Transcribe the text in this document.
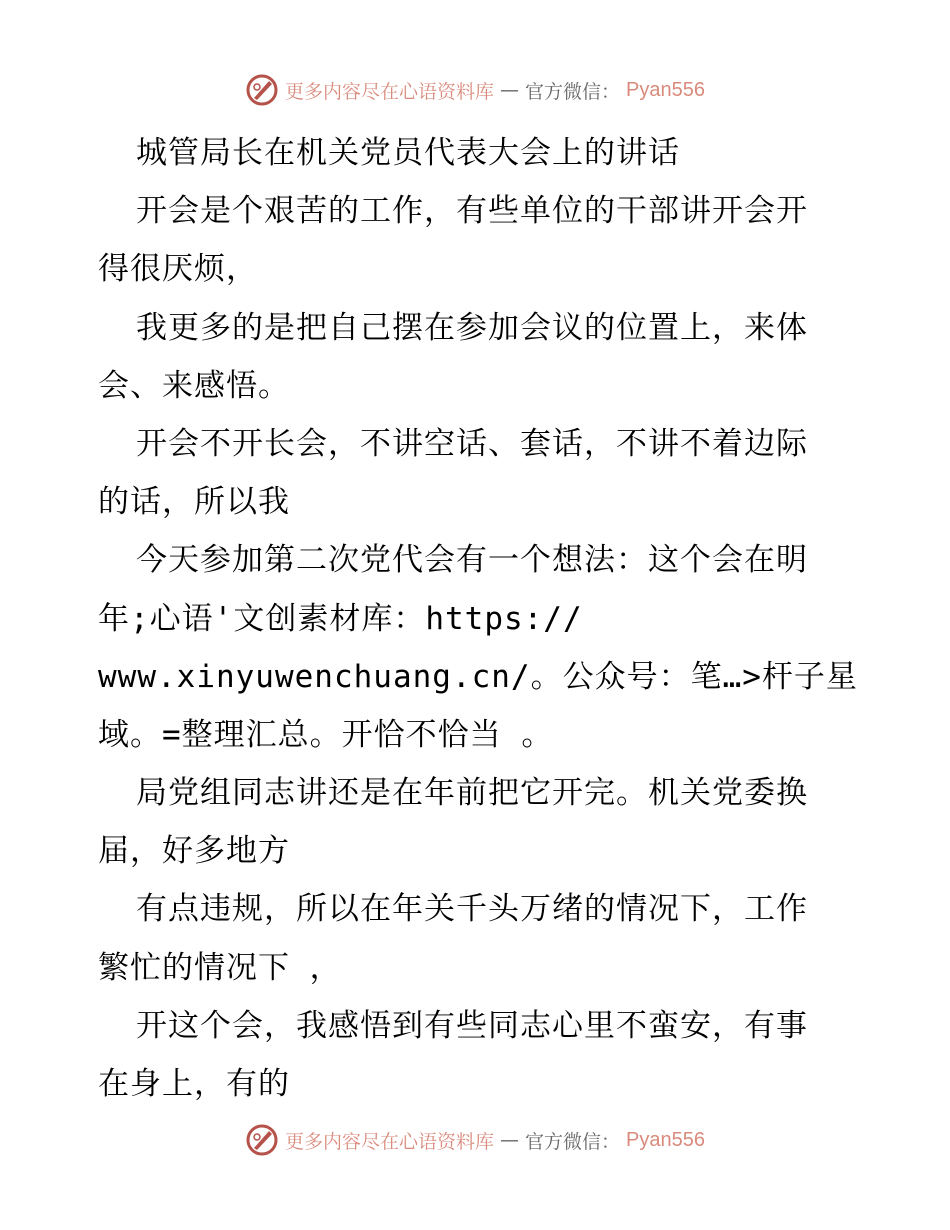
更多内容尽在心语资料库 — 官方微信： Pyan556
城管局长在机关党员代表大会上的讲话
开会是个艰苦的工作，有些单位的干部讲开会开
得很厌烦，
我更多的是把自己摆在参加会议的位置上，来体
会、来感悟。
开会不开长会，不讲空话、套话，不讲不着边际
的话，所以我
今天参加第二次党代会有一个想法：这个会在明
年;心语'文创素材库：https://
www.xinyuwenchuang.cn/。公众号：笔…>杆子星
域。=整理汇总。开恰不恰当 。
局党组同志讲还是在年前把它开完。机关党委换
届，好多地方
有点违规，所以在年关千头万绪的情况下，工作
繁忙的情况下 ，
开这个会，我感悟到有些同志心里不蛮安，有事
在身上，有的
更多内容尽在心语资料库 — 官方微信： Pyan556
